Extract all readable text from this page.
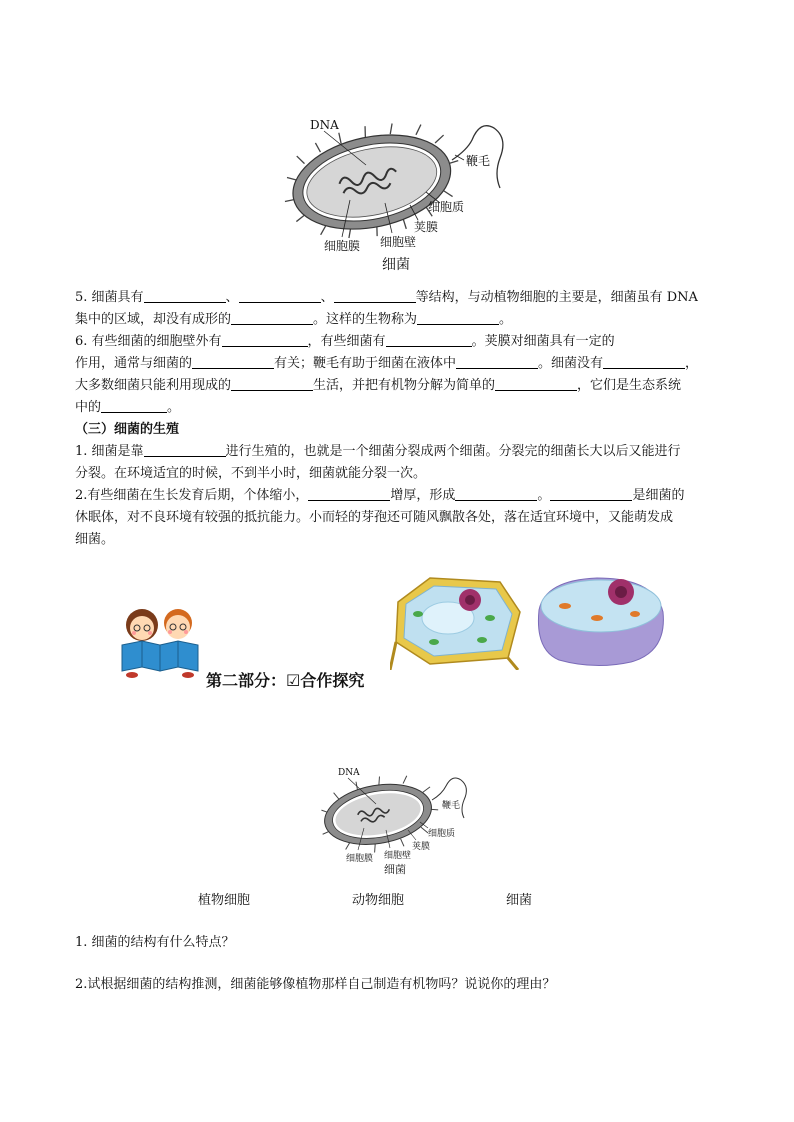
DNA
鞭毛
细胞质
荚膜
细胞膜 细胞壁
细菌
5. 细菌具有	、	、	等结构，与动植物细胞的主要是，细菌虽有 DNA
集中的区域，却没有成形的	。这样的生物称为	。
6. 有些细菌的细胞壁外有	，有些细菌有	。荚膜对细菌具有一定的
作用，通常与细菌的	有关；鞭毛有助于细菌在液体中	。细菌没有	，
大多数细菌只能利用现成的	生活，并把有机物分解为简单的	，它们是生态系统
中的	。
（三）细菌的生殖
1. 细菌是靠	进行生殖的，也就是一个细菌分裂成两个细菌。分裂完的细菌长大以后又能进行
分裂。在环境适宜的时候，不到半小时，细菌就能分裂一次。
2.有些细菌在生长发育后期，个体缩小，	增厚，形成	。	是细菌的
休眠体，对不良环境有较强的抵抗能力。小而轻的芽孢还可随风飘散各处，落在适宜环境中，又能萌发成
细菌。
第二部分：☑合作探究
DNA
鞭毛
细胞质
荚膜
细胞膜 细胞壁
细菌
植物细胞	动物细胞	细菌
1. 细菌的结构有什么特点？
2.试根据细菌的结构推测，细菌能够像植物那样自己制造有机物吗？说说你的理由？
